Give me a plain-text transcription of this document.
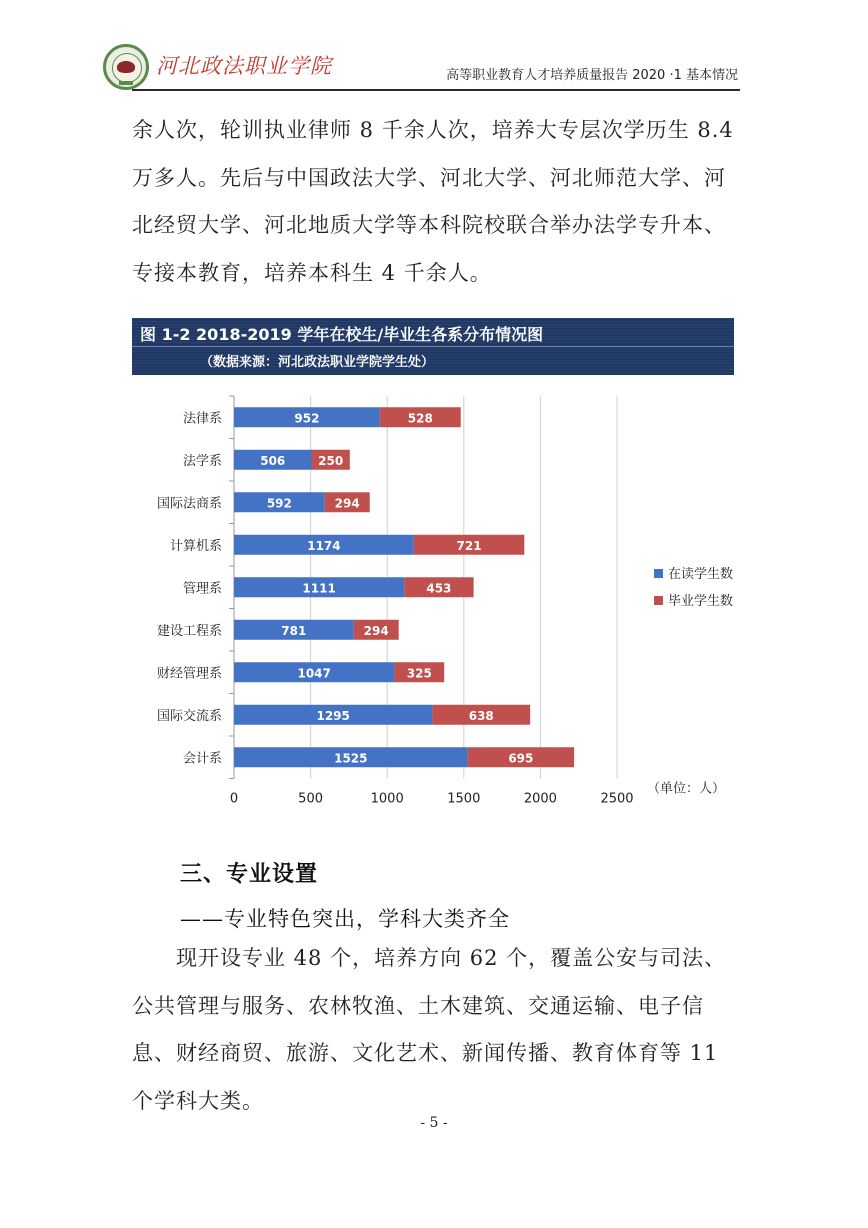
河北政法职业学院	高等职业教育人才培养质量报告 2020 ·1 基本情况

余人次，轮训执业律师 8 千余人次，培养大专层次学历生 8.4 万多人。先后与中国政法大学、河北大学、河北师范大学、河北经贸大学、河北地质大学等本科院校联合举办法学专升本、专接本教育，培养本科生 4 千余人。

图 1-2 2018-2019 学年在校生/毕业生各系分布情况图
（数据来源：河北政法职业学院学生处）
0	500	1000	1500	2000	2500
法律系	952	528
法学系	506	250
国际法商系	592	294
计算机系	1174	721
管理系	1111	453
建设工程系	781	294
财经管理系	1047	325
国际交流系	1295	638
会计系	1525	695
在读学生数
毕业学生数
（单位：人）
三、专业设置
——专业特色突出，学科大类齐全

现开设专业 48 个，培养方向 62 个，覆盖公安与司法、公共管理与服务、农林牧渔、土木建筑、交通运输、电子信息、财经商贸、旅游、文化艺术、新闻传播、教育体育等 11 个学科大类。

- 5 -
